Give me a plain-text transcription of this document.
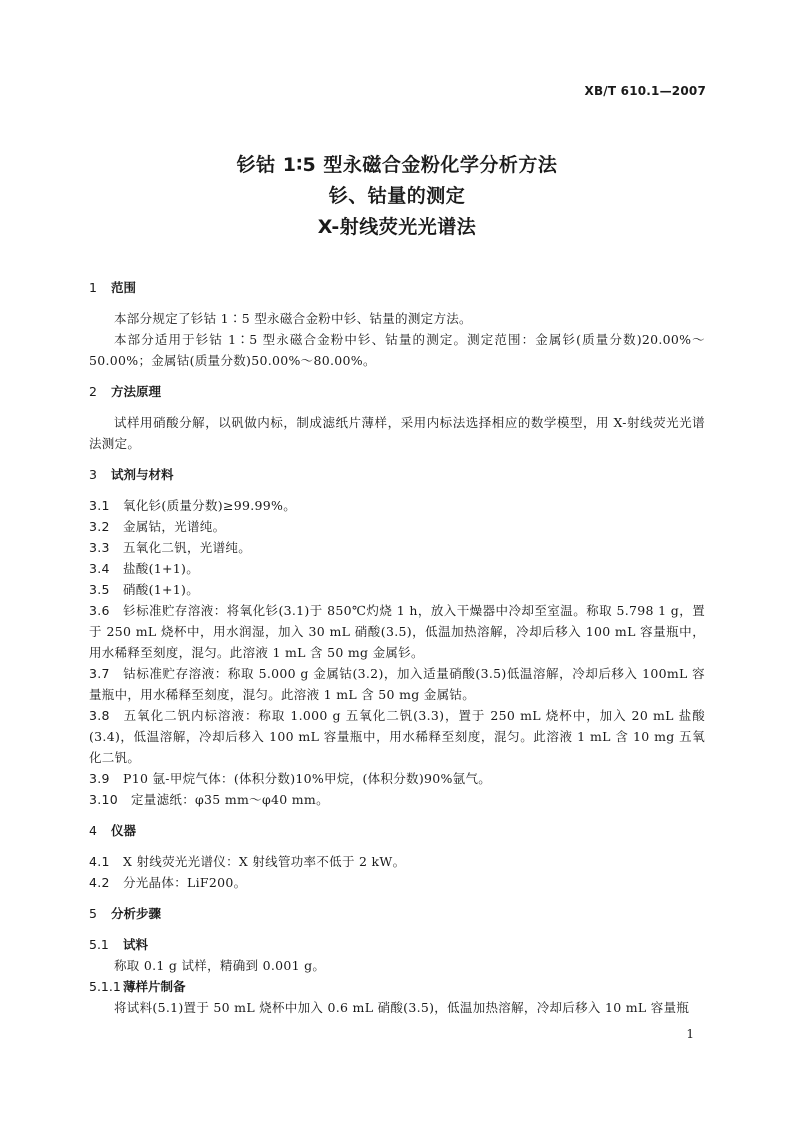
XB/T 610.1—2007
钐钴 1∶5 型永磁合金粉化学分析方法
钐、钴量的测定
X-射线荧光光谱法

1 范围

本部分规定了钐钴 1∶5 型永磁合金粉中钐、钴量的测定方法。

本部分适用于钐钴 1∶5 型永磁合金粉中钐、钴量的测定。测定范围：金属钐(质量分数)20.00%～50.00%；金属钴(质量分数)50.00%～80.00%。

2 方法原理

试样用硝酸分解，以矾做内标，制成滤纸片薄样，采用内标法选择相应的数学模型，用 X-射线荧光光谱法测定。

3 试剂与材料

3.1 氧化钐(质量分数)≥99.99%。

3.2 金属钴，光谱纯。

3.3 五氧化二钒，光谱纯。

3.4 盐酸(1+1)。

3.5 硝酸(1+1)。

3.6 钐标准贮存溶液：将氧化钐(3.1)于 850℃灼烧 1 h，放入干燥器中冷却至室温。称取 5.798 1 g，置于 250 mL 烧杯中，用水润湿，加入 30 mL 硝酸(3.5)，低温加热溶解，冷却后移入 100 mL 容量瓶中，用水稀释至刻度，混匀。此溶液 1 mL 含 50 mg 金属钐。

3.7 钴标准贮存溶液：称取 5.000 g 金属钴(3.2)，加入适量硝酸(3.5)低温溶解，冷却后移入 100mL 容量瓶中，用水稀释至刻度，混匀。此溶液 1 mL 含 50 mg 金属钴。

3.8 五氧化二钒内标溶液：称取 1.000 g 五氧化二钒(3.3)，置于 250 mL 烧杯中，加入 20 mL 盐酸(3.4)，低温溶解，冷却后移入 100 mL 容量瓶中，用水稀释至刻度，混匀。此溶液 1 mL 含 10 mg 五氧化二钒。

3.9 P10 氩-甲烷气体：(体积分数)10%甲烷，(体积分数)90%氩气。

3.10 定量滤纸：φ35 mm～φ40 mm。

4 仪器

4.1 X 射线荧光光谱仪：X 射线管功率不低于 2 kW。

4.2 分光晶体：LiF200。

5 分析步骤

5.1 试料

称取 0.1 g 试样，精确到 0.001 g。

5.1.1 薄样片制备

将试料(5.1)置于 50 mL 烧杯中加入 0.6 mL 硝酸(3.5)，低温加热溶解，冷却后移入 10 mL 容量瓶

1
